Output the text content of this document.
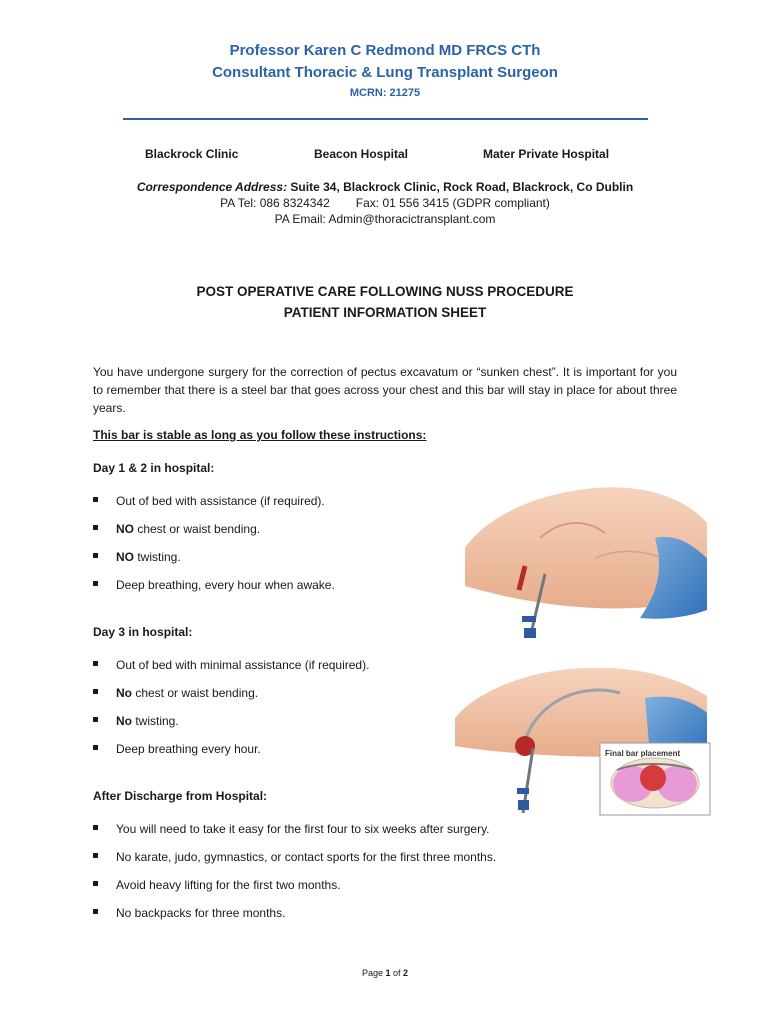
Professor Karen C Redmond MD FRCS CTh
Consultant Thoracic & Lung Transplant Surgeon
MCRN: 21275
Blackrock Clinic	Beacon Hospital	Mater Private Hospital
Correspondence Address: Suite 34, Blackrock Clinic, Rock Road, Blackrock, Co Dublin
PA Tel: 086 8324342 Fax: 01 556 3415 (GDPR compliant)
PA Email: Admin@thoracictransplant.com
POST OPERATIVE CARE FOLLOWING NUSS PROCEDURE
PATIENT INFORMATION SHEET
You have undergone surgery for the correction of pectus excavatum or “sunken chest”. It is important for you to remember that there is a steel bar that goes across your chest and this bar will stay in place for about three years.
This bar is stable as long as you follow these instructions:
Day 1 & 2 in hospital:
Out of bed with assistance (if required).
NO chest or waist bending.
NO twisting.
Deep breathing, every hour when awake.
Day 3 in hospital:
Out of bed with minimal assistance (if required).
No chest or waist bending.
No twisting.
Deep breathing every hour.
After Discharge from Hospital:
You will need to take it easy for the first four to six weeks after surgery.
No karate, judo, gymnastics, or contact sports for the first three months.
Avoid heavy lifting for the first two months.
No backpacks for three months.
Final bar placement
Page 1 of 2
